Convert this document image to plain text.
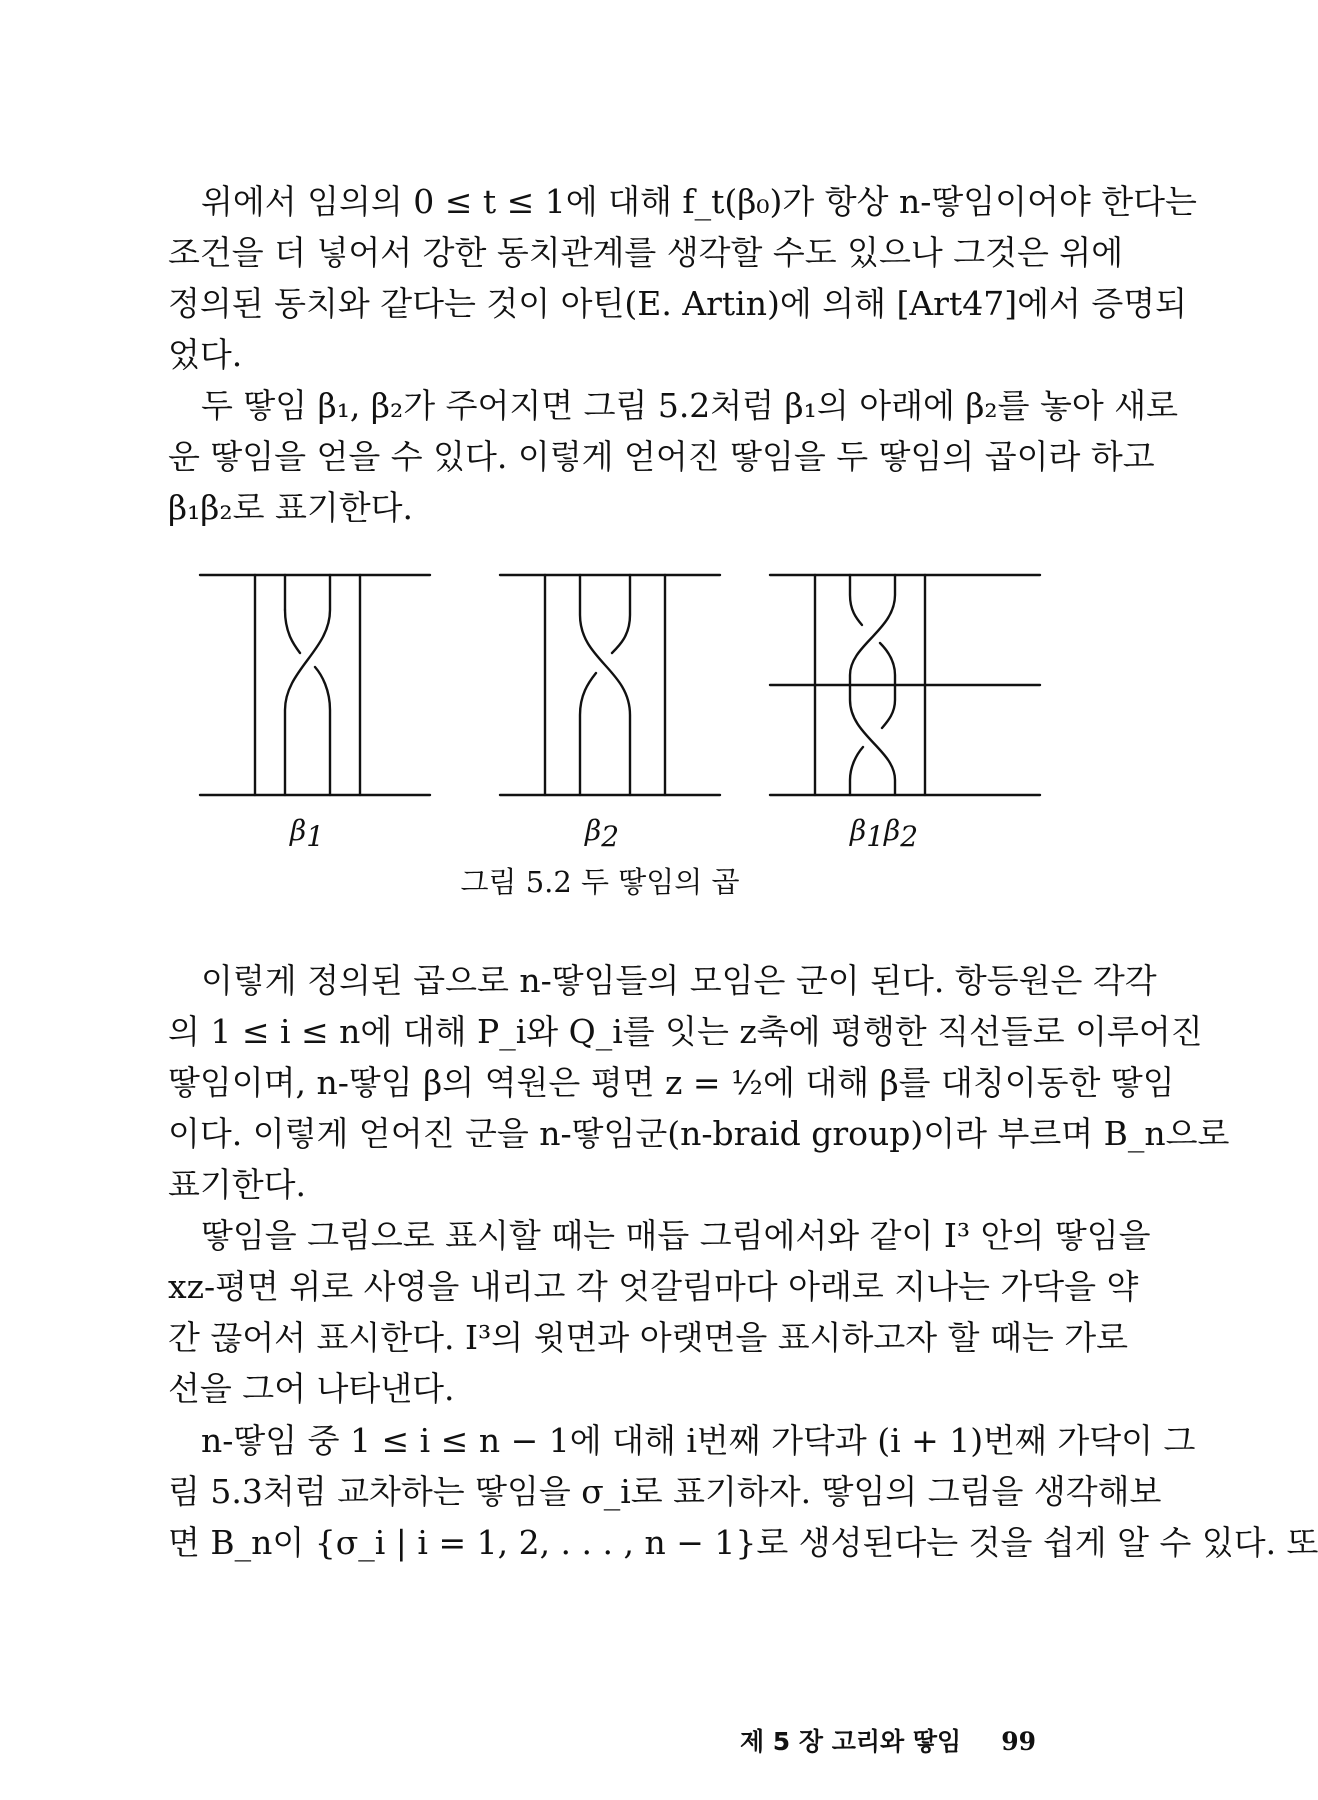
위에서 임의의 0 ≤ t ≤ 1에 대해 f_t(β₀)가 항상 n-땋임이어야 한다는
조건을 더 넣어서 강한 동치관계를 생각할 수도 있으나 그것은 위에
정의된 동치와 같다는 것이 아틴(E. Artin)에 의해 [Art47]에서 증명되
었다.

두 땋임 β₁, β₂가 주어지면 그림 5.2처럼 β₁의 아래에 β₂를 놓아 새로
운 땋임을 얻을 수 있다. 이렇게 얻어진 땋임을 두 땋임의 곱이라 하고
β₁β₂로 표기한다.

β1	β2	β1β2
그림 5.2 두 땋임의 곱

이렇게 정의된 곱으로 n-땋임들의 모임은 군이 된다. 항등원은 각각
의 1 ≤ i ≤ n에 대해 P_i와 Q_i를 잇는 z축에 평행한 직선들로 이루어진
땋임이며, n-땋임 β의 역원은 평면 z = ½에 대해 β를 대칭이동한 땋임
이다. 이렇게 얻어진 군을 n-땋임군(n-braid group)이라 부르며 B_n으로
표기한다.

땋임을 그림으로 표시할 때는 매듭 그림에서와 같이 I³ 안의 땋임을
xz-평면 위로 사영을 내리고 각 엇갈림마다 아래로 지나는 가닥을 약
간 끊어서 표시한다. I³의 윗면과 아랫면을 표시하고자 할 때는 가로
선을 그어 나타낸다.

n-땋임 중 1 ≤ i ≤ n − 1에 대해 i번째 가닥과 (i + 1)번째 가닥이 그
림 5.3처럼 교차하는 땋임을 σ_i로 표기하자. 땋임의 그림을 생각해보
면 B_n이 {σ_i | i = 1, 2, . . . , n − 1}로 생성된다는 것을 쉽게 알 수 있다. 또

제 5 장 고리와 땋임 99
